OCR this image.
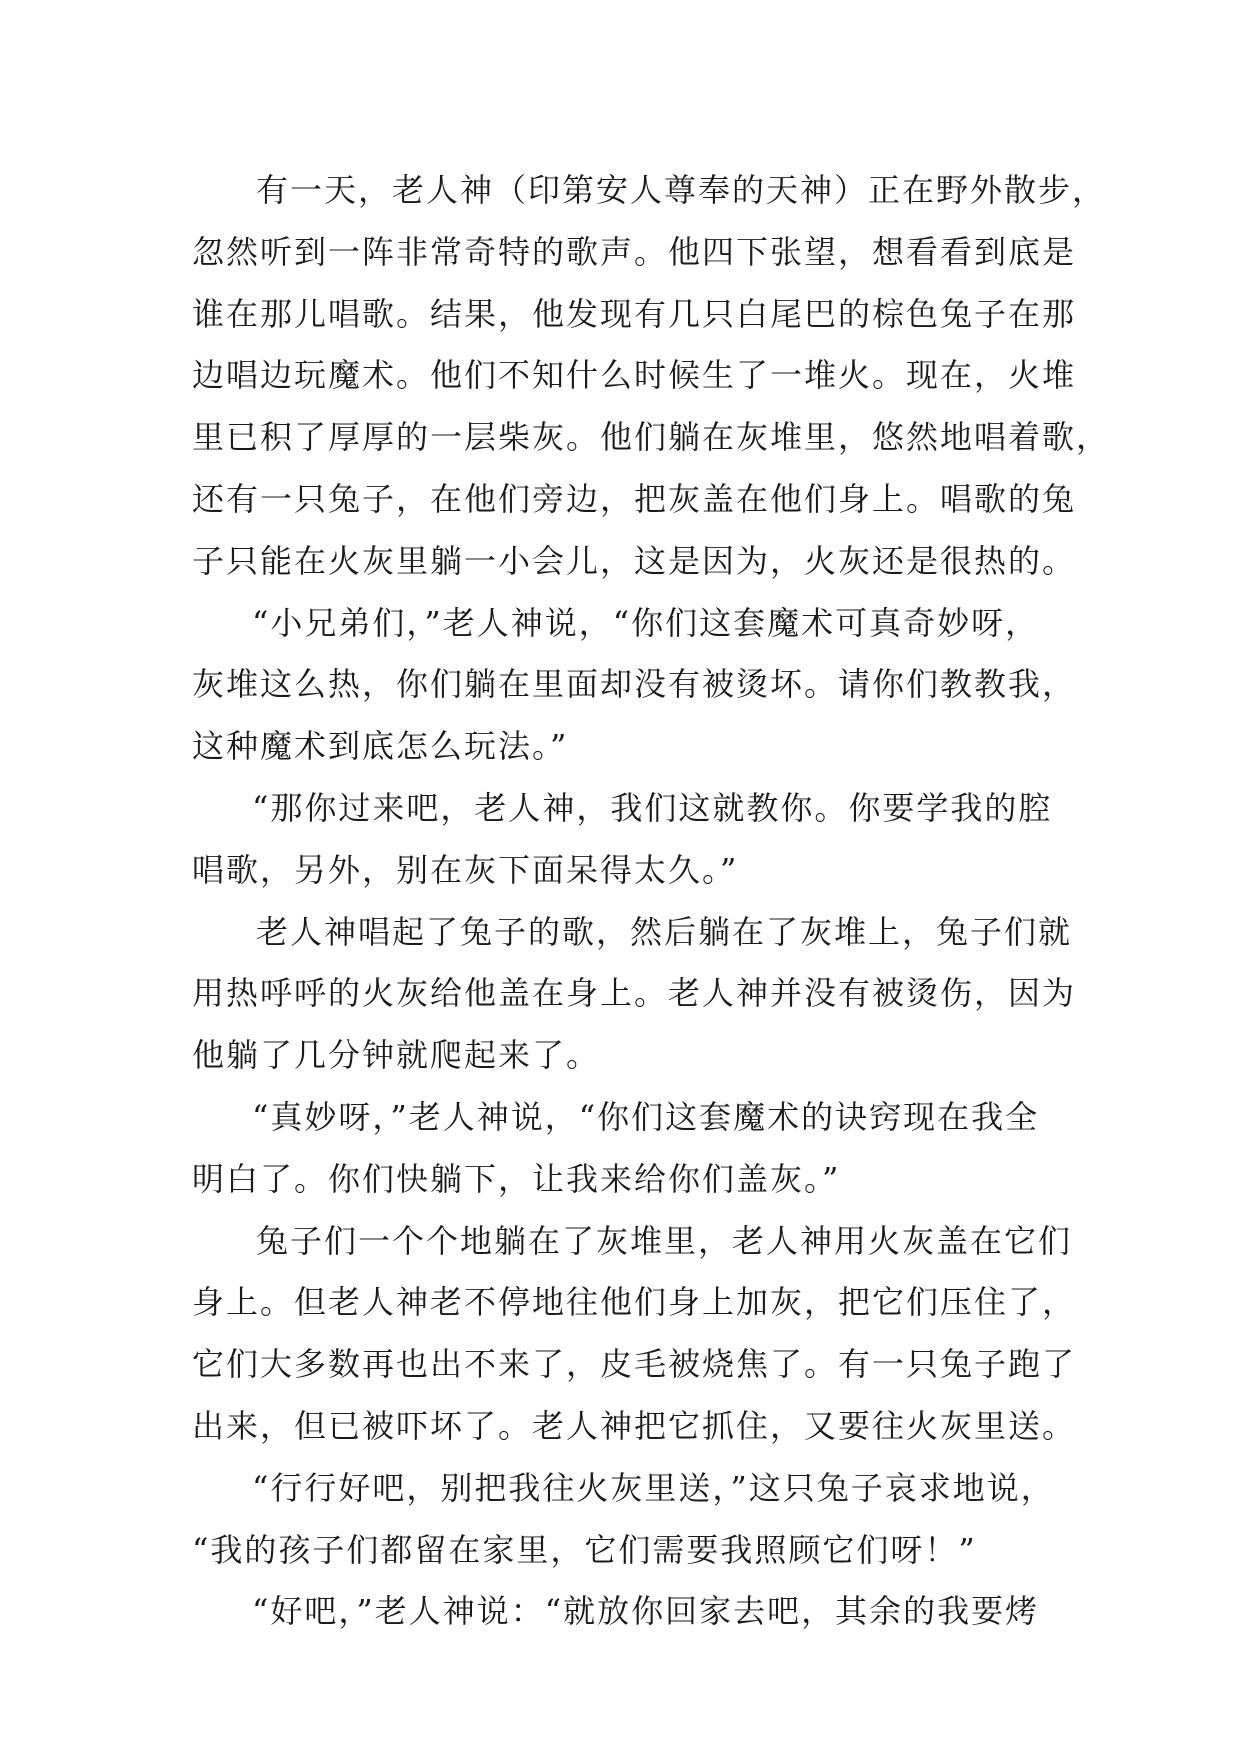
有一天，老人神（印第安人尊奉的天神）正在野外散步，
忽然听到一阵非常奇特的歌声。他四下张望，想看看到底是
谁在那儿唱歌。结果，他发现有几只白尾巴的棕色兔子在那
边唱边玩魔术。他们不知什么时候生了一堆火。现在，火堆
里已积了厚厚的一层柴灰。他们躺在灰堆里，悠然地唱着歌，
还有一只兔子，在他们旁边，把灰盖在他们身上。唱歌的兔
子只能在火灰里躺一小会儿，这是因为，火灰还是很热的。
“小兄弟们，”老人神说，“你们这套魔术可真奇妙呀，
灰堆这么热，你们躺在里面却没有被烫坏。请你们教教我，
这种魔术到底怎么玩法。”
“那你过来吧，老人神，我们这就教你。你要学我的腔
唱歌，另外，别在灰下面呆得太久。”
老人神唱起了兔子的歌，然后躺在了灰堆上，兔子们就
用热呼呼的火灰给他盖在身上。老人神并没有被烫伤，因为
他躺了几分钟就爬起来了。
“真妙呀，”老人神说，“你们这套魔术的诀窍现在我全
明白了。你们快躺下，让我来给你们盖灰。”
兔子们一个个地躺在了灰堆里，老人神用火灰盖在它们
身上。但老人神老不停地往他们身上加灰，把它们压住了，
它们大多数再也出不来了，皮毛被烧焦了。有一只兔子跑了
出来，但已被吓坏了。老人神把它抓住，又要往火灰里送。
“行行好吧，别把我往火灰里送，”这只兔子哀求地说，
“我的孩子们都留在家里，它们需要我照顾它们呀！”
“好吧，”老人神说：“就放你回家去吧，其余的我要烤
